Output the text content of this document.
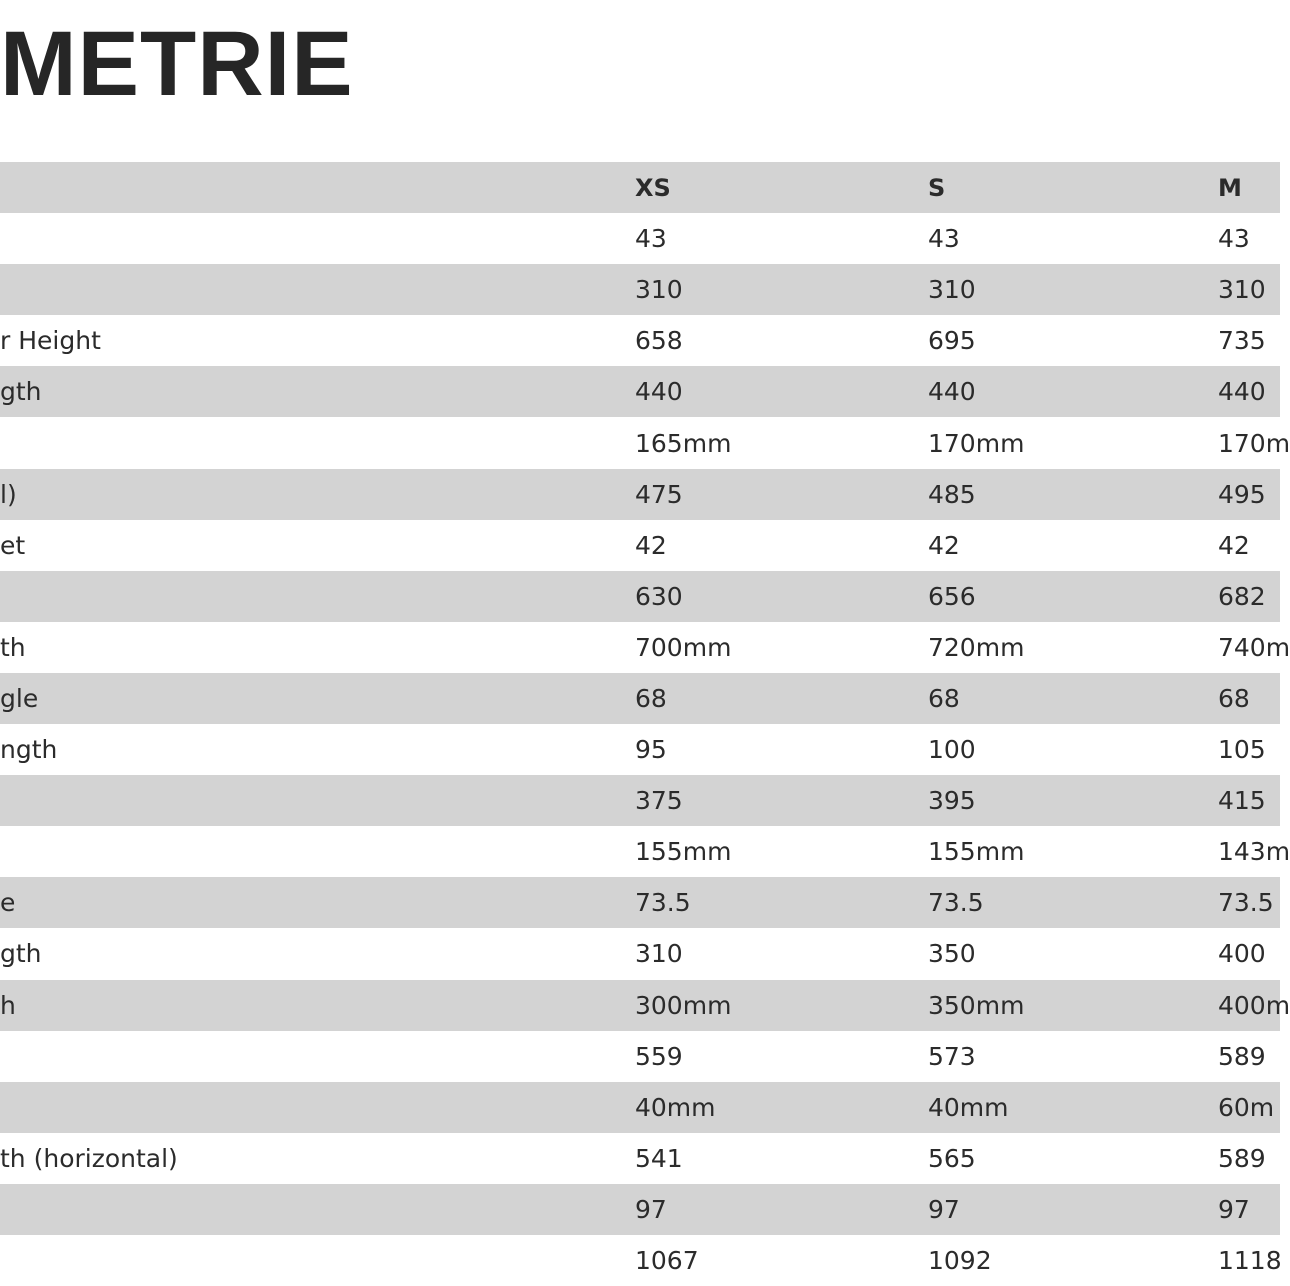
METRIE
	XS	S	M

	43	43	43

	310	310	310

r Height	658	695	735

gth	440	440	440

	165mm	170mm	170m

l)	475	485	495

et	42	42	42

	630	656	682

th	700mm	720mm	740m

gle	68	68	68

ngth	95	100	105

	375	395	415

	155mm	155mm	143m

e	73.5	73.5	73.5

gth	310	350	400

h	300mm	350mm	400m

	559	573	589

	40mm	40mm	60m

th (horizontal)	541	565	589

	97	97	97

	1067	1092	1118
